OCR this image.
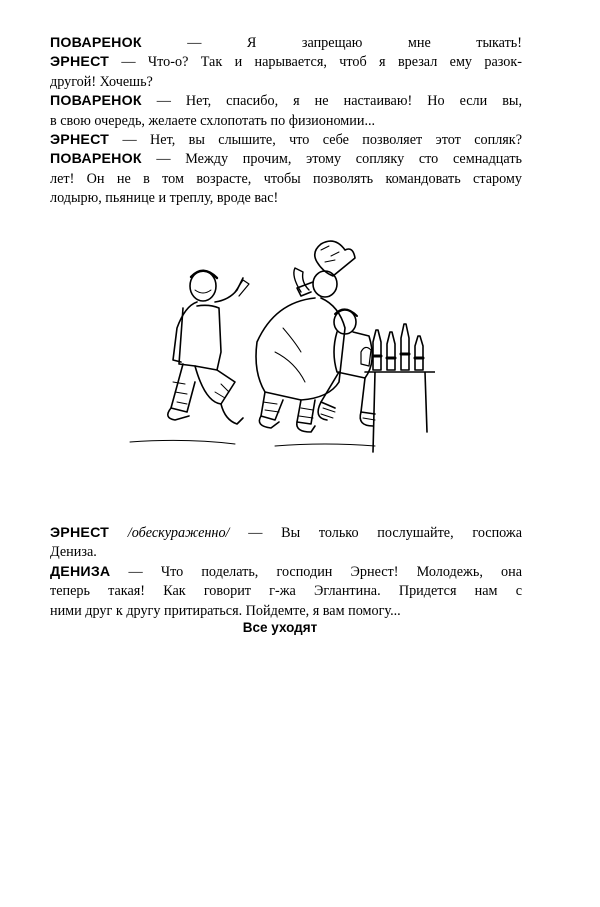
ПОВАРЕНОК	— Я запрещаю мне тыкать!
ЭРНЕСТ — Что-о? Так и нарывается, чтоб я врезал ему разок-
другой! Хочешь?
ПОВАРЕНОК — Нет, спасибо, я не настаиваю! Но если вы,
в свою очередь, желаете схлопотать по физиономии...
ЭРНЕСТ — Нет, вы слышите, что себе позволяет этот сопляк?
ПОВАРЕНОК — Между прочим, этому сопляку сто семнадцать
лет! Он не в том возрасте, чтобы позволять командовать старому
лодырю, пьянице и треплу, вроде вас!
ЭРНЕСТ /обескураженно/ — Вы только послушайте, госпожа
Дениза.
ДЕНИЗА — Что поделать, господин Эрнест! Молодежь, она
теперь такая! Как говорит г-жа Эглантина. Придется нам с
ними друг к другу притираться. Пойдемте, я вам помогу...
Все уходят
